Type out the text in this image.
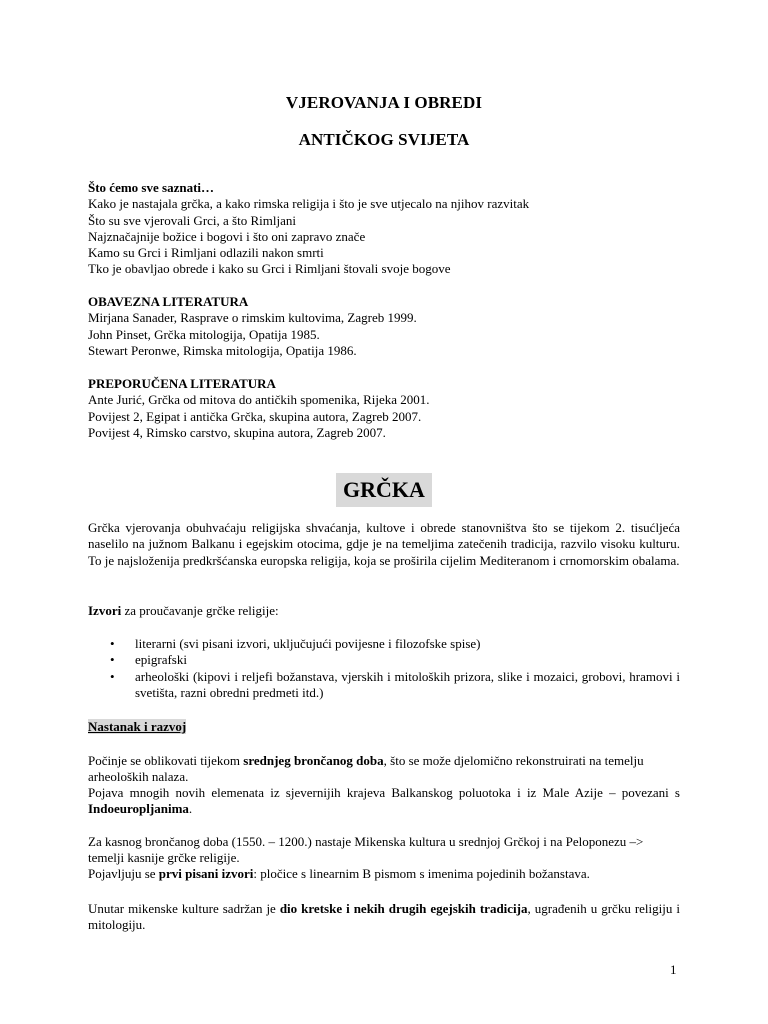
VJEROVANJA I OBREDI
ANTIČKOG SVIJETA
Što ćemo sve saznati…
Kako je nastajala grčka, a kako rimska religija i što je sve utjecalo na njihov razvitak
Što su sve vjerovali Grci, a što Rimljani
Najznačajnije božice i bogovi i što oni zapravo znače
Kamo su Grci i Rimljani odlazili nakon smrti
Tko je obavljao obrede i kako su Grci i Rimljani štovali svoje bogove
OBAVEZNA LITERATURA
Mirjana Sanader, Rasprave o rimskim kultovima, Zagreb 1999.
John Pinset, Grčka mitologija, Opatija 1985.
Stewart Peronwe, Rimska mitologija, Opatija 1986.
PREPORUČENA LITERATURA
Ante Jurić, Grčka od mitova do antičkih spomenika, Rijeka 2001.
Povijest 2, Egipat i antička Grčka, skupina autora, Zagreb 2007.
Povijest 4, Rimsko carstvo, skupina autora, Zagreb 2007.
GRČKA
Grčka vjerovanja obuhvaćaju religijska shvaćanja, kultove i obrede stanovništva što se tijekom 2. tisućljeća naselilo na južnom Balkanu i egejskim otocima, gdje je na temeljima zatečenih tradicija, razvilo visoku kulturu. To je najsloženija predkršćanska europska religija, koja se proširila cijelim Mediteranom i crnomorskim obalama.
Izvori za proučavanje grčke religije:
• literarni (svi pisani izvori, uključujući povijesne i filozofske spise)
• epigrafski
• arheološki (kipovi i reljefi božanstava, vjerskih i mitoloških prizora, slike i mozaici, grobovi, hramovi i svetišta, razni obredni predmeti itd.)
Nastanak i razvoj
Počinje se oblikovati tijekom srednjeg brončanog doba, što se može djelomično rekonstruirati na temelju arheoloških nalaza.
Pojava mnogih novih elemenata iz sjevernijih krajeva Balkanskog poluotoka i iz Male Azije – povezani s Indoeuropljanima.
Za kasnog brončanog doba (1550. – 1200.) nastaje Mikenska kultura u srednjoj Grčkoj i na Peloponezu –> temelji kasnije grčke religije.
Pojavljuju se prvi pisani izvori: pločice s linearnim B pismom s imenima pojedinih božanstava.
Unutar mikenske kulture sadržan je dio kretske i nekih drugih egejskih tradicija, ugrađenih u grčku religiju i mitologiju.
1
